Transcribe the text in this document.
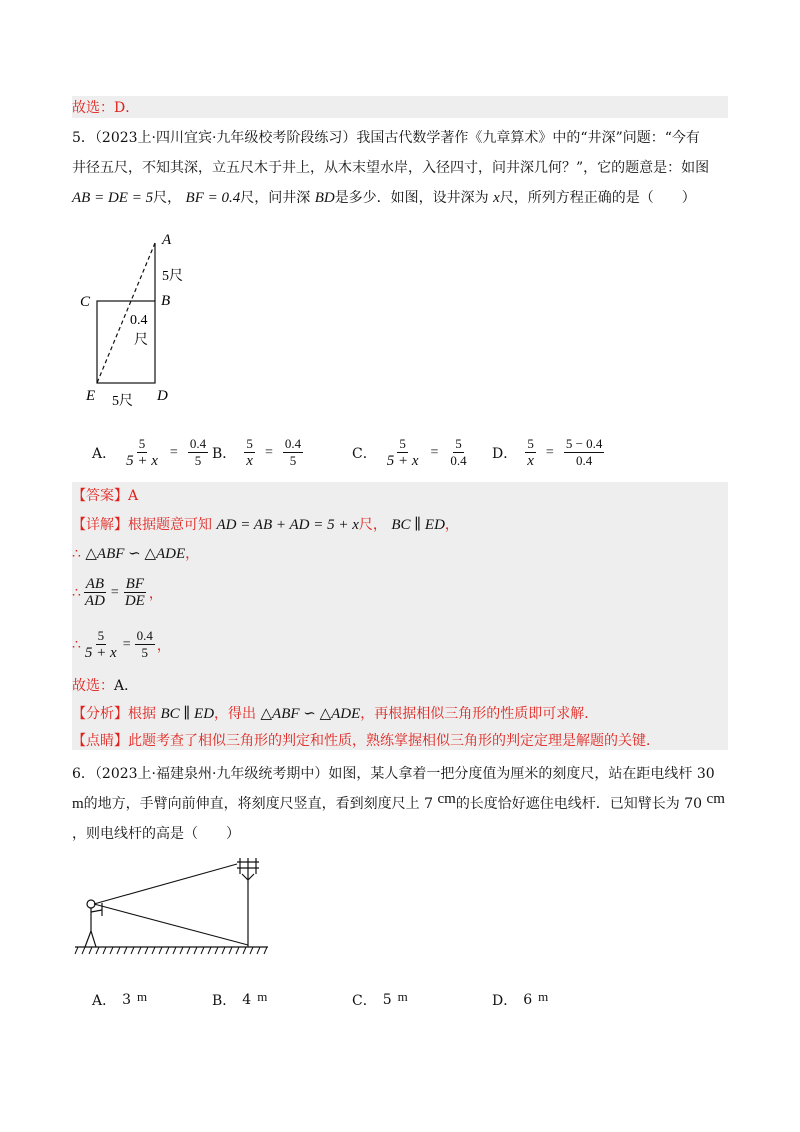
故选：D．
5．（2023上·四川宜宾·九年级校考阶段练习）我国古代数学著作《九章算术》中的“井深”问题：“今有
井径五尺，不知其深，立五尺木于井上，从木末望水岸，入径四寸，问井深几何？”，它的题意是：如图
AB = DE = 5尺， BF = 0.4尺，问井深 BD是多少．如图，设井深为 x尺，所列方程正确的是（　　）
A
5尺
B
C
0.4
尺
E	D
5尺
A． $\frac{5}{5 + x} = \frac{0.4}{5}$ B． $\frac{5}{x} = \frac{0.4}{5}$	C． $\frac{5}{5 + x} = \frac{5}{0.4}$ D． $\frac{5}{x} = \frac{5 - 0.4}{0.4}$
【答案】A
【详解】根据题意可知 AD = AB + AD = 5 + x尺， BC ∥ ED，
∴ △ABF ∽ △ADE，
∴ $\frac{AB}{AD} = \frac{BF}{DE}$ ，
∴ $\frac{5}{5 + x} = \frac{0.4}{5}$ ，
故选：A．
【分析】根据 BC ∥ ED，得出 △ABF ∽ △ADE，再根据相似三角形的性质即可求解．
【点睛】此题考查了相似三角形的判定和性质，熟练掌握相似三角形的判定定理是解题的关键．
6．（2023上·福建泉州·九年级统考期中）如图，某人拿着一把分度值为厘米的刻度尺，站在距电线杆 30
m的地方，手臂向前伸直，将刻度尺竖直，看到刻度尺上 7 cm的长度恰好遮住电线杆．已知臂长为 70 cm
，则电线杆的高是（　　）
A． 3 m	B． 4 m	C． 5 m	D． 6 m
